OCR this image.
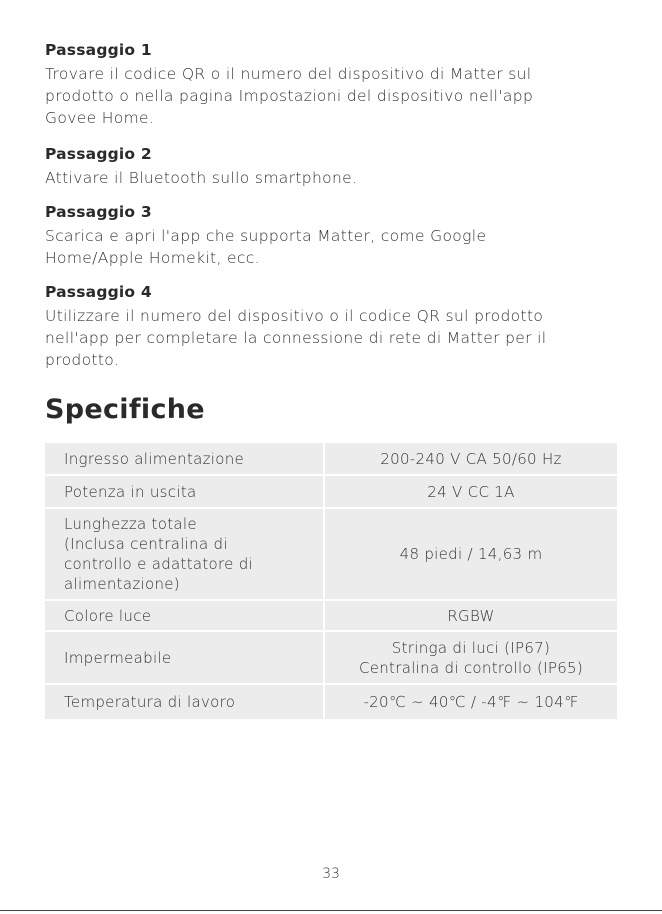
Passaggio 1
Trovare il codice QR o il numero del dispositivo di Matter sul
prodotto o nella pagina Impostazioni del dispositivo nell'app
Govee Home.
Passaggio 2
Attivare il Bluetooth sullo smartphone.
Passaggio 3
Scarica e apri l'app che supporta Matter, come Google
Home/Apple Homekit, ecc.
Passaggio 4
Utilizzare il numero del dispositivo o il codice QR sul prodotto
nell'app per completare la connessione di rete di Matter per il
prodotto.
Specifiche
Ingresso alimentazione	200-240 V CA 50/60 Hz

Potenza in uscita	24 V CC 1A

Lunghezza totale
(Inclusa centralina di
controllo e adattatore di
alimentazione)	48 piedi / 14,63 m

Colore luce	RGBW

Impermeabile	Stringa di luci (IP67)
Centralina di controllo (IP65)

Temperatura di lavoro	-20℃ ~ 40℃ / -4℉ ~ 104℉
33
